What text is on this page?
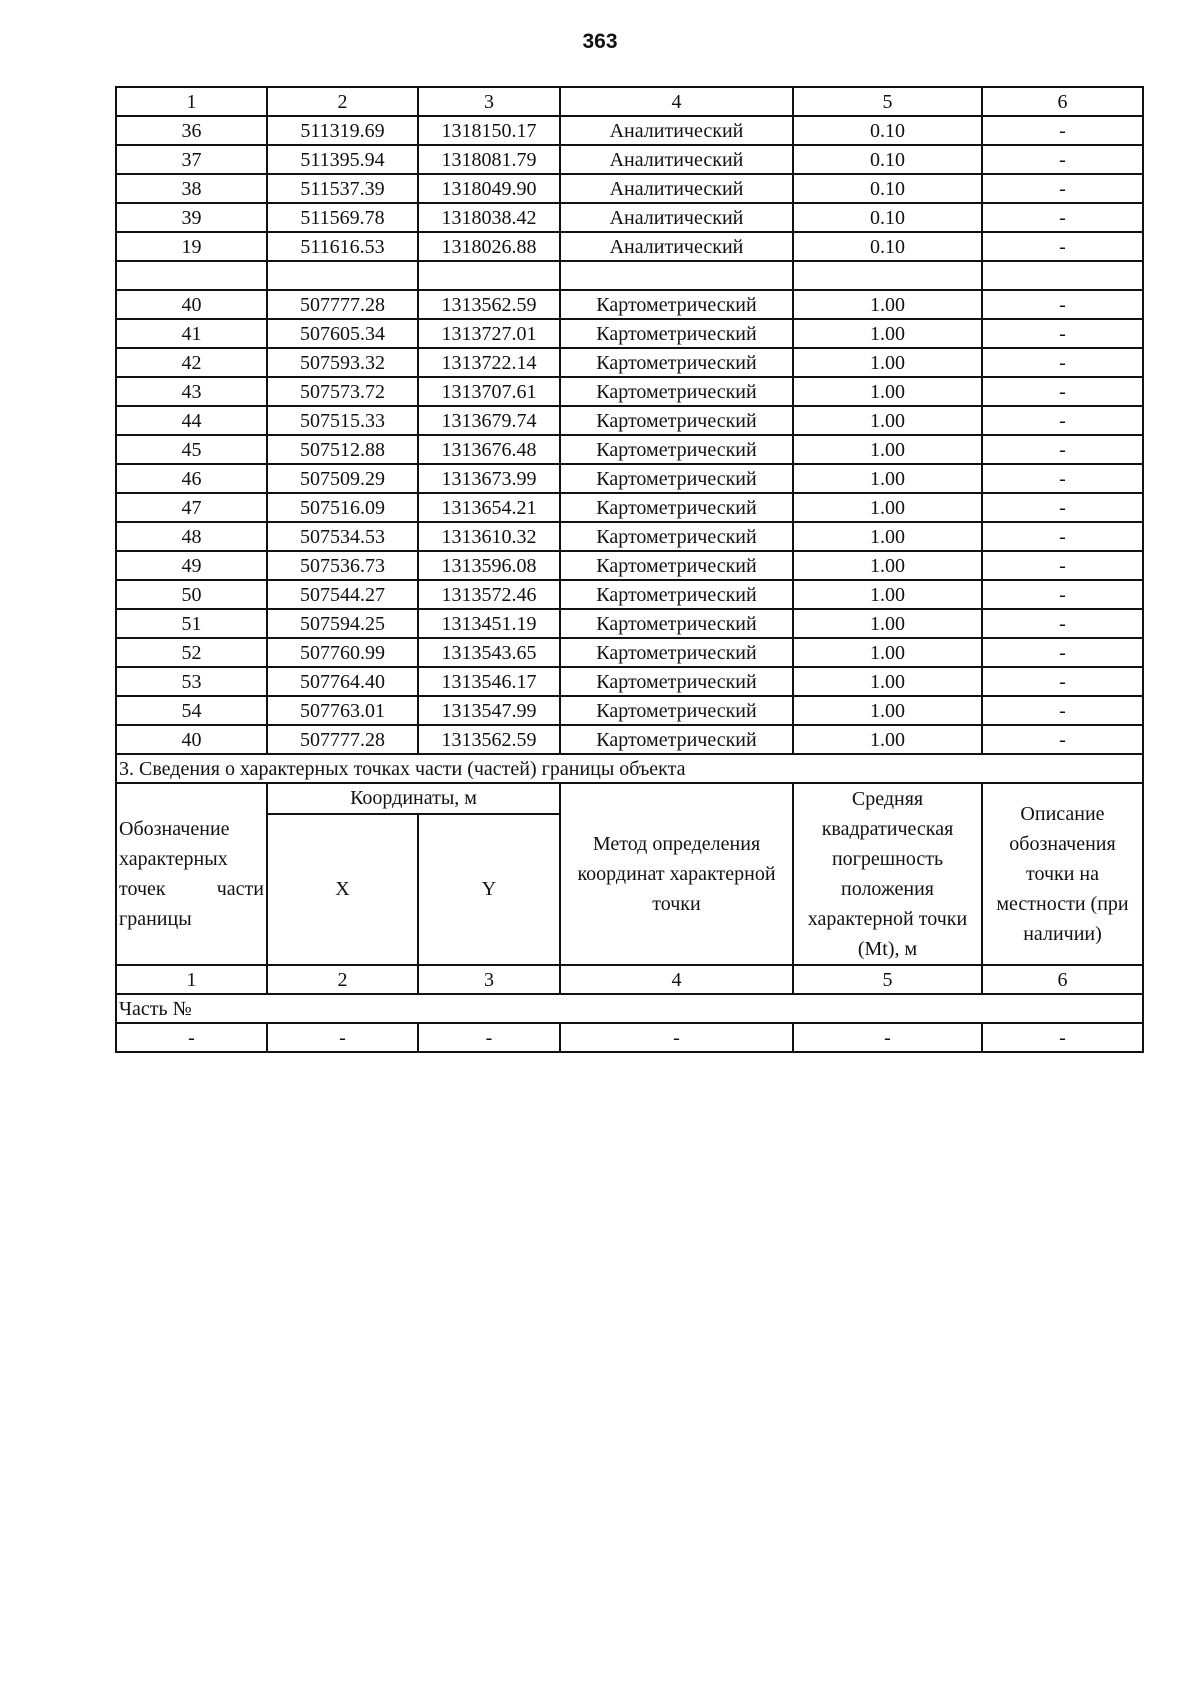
363
1	2	3	4	5	6
36	511319.69	1318150.17	Аналитический	0.10	-
37	511395.94	1318081.79	Аналитический	0.10	-
38	511537.39	1318049.90	Аналитический	0.10	-
39	511569.78	1318038.42	Аналитический	0.10	-
19	511616.53	1318026.88	Аналитический	0.10	-

40	507777.28	1313562.59	Картометрический	1.00	-
41	507605.34	1313727.01	Картометрический	1.00	-
42	507593.32	1313722.14	Картометрический	1.00	-
43	507573.72	1313707.61	Картометрический	1.00	-
44	507515.33	1313679.74	Картометрический	1.00	-
45	507512.88	1313676.48	Картометрический	1.00	-
46	507509.29	1313673.99	Картометрический	1.00	-
47	507516.09	1313654.21	Картометрический	1.00	-
48	507534.53	1313610.32	Картометрический	1.00	-
49	507536.73	1313596.08	Картометрический	1.00	-
50	507544.27	1313572.46	Картометрический	1.00	-
51	507594.25	1313451.19	Картометрический	1.00	-
52	507760.99	1313543.65	Картометрический	1.00	-
53	507764.40	1313546.17	Картометрический	1.00	-
54	507763.01	1313547.99	Картометрический	1.00	-
40	507777.28	1313562.59	Картометрический	1.00	-
3. Сведения о характерных точках части (частей) границы объекта					
Обозначение характерных точек части границы	Координаты, м		Метод определения координат характерной точки	Средняя квадратическая погрешность положения характерной точки (Mt), м	Описание обозначения точки на местности (при наличии)
	X	Y			
1	2	3	4	5	6
Часть №					
-	-	-	-	-	-
